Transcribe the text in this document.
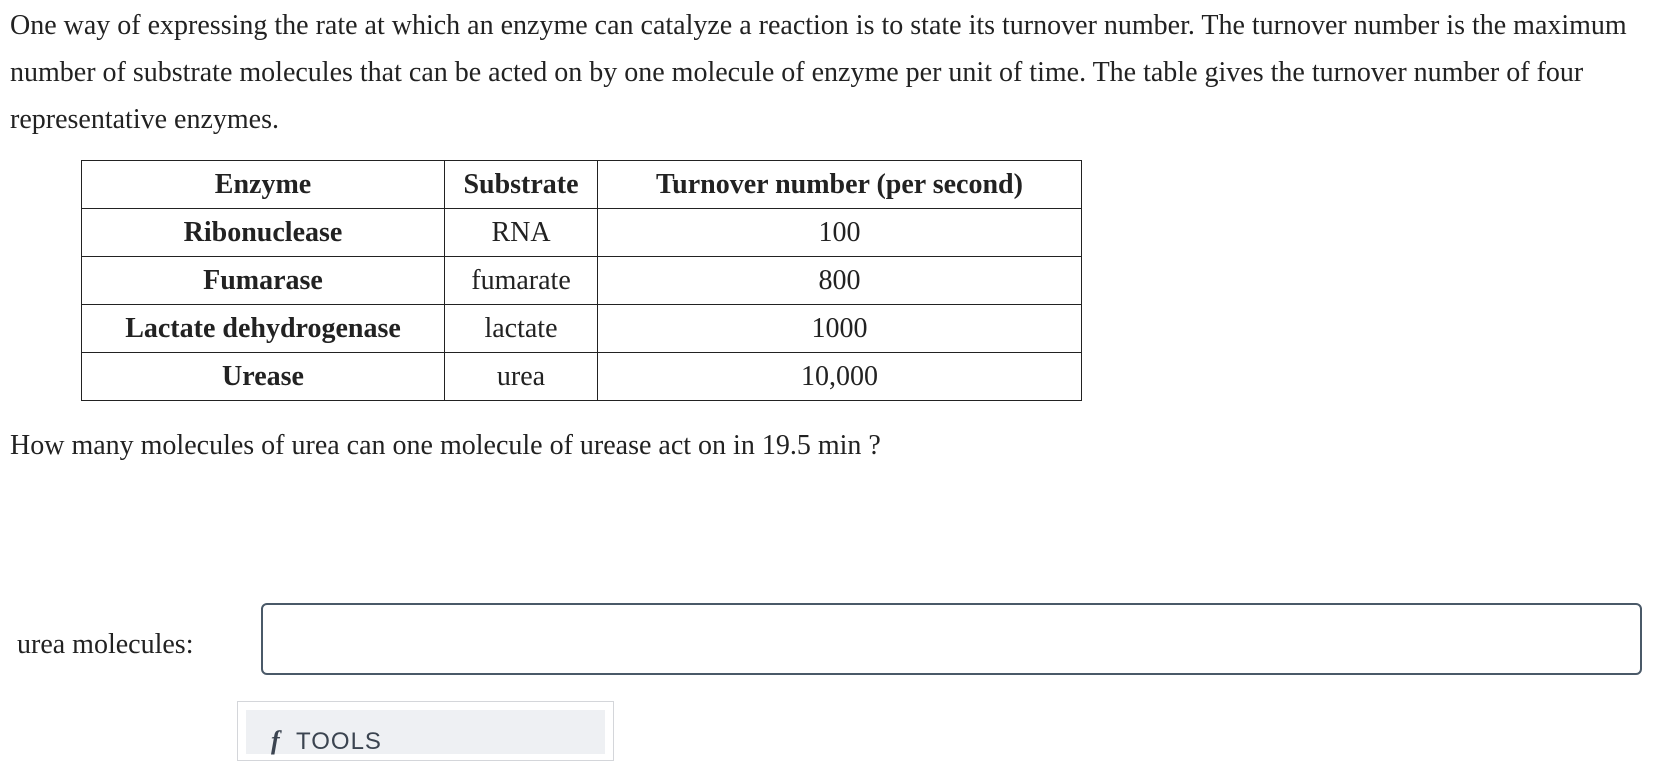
One way of expressing the rate at which an enzyme can catalyze a reaction is to state its turnover number. The turnover number is the maximum number of substrate molecules that can be acted on by one molecule of enzyme per unit of time. The table gives the turnover number of four representative enzymes.

Enzyme	Substrate	Turnover number (per second)
Ribonuclease	RNA	100
Fumarase	fumarate	800
Lactate dehydrogenase	lactate	1000
Urease	urea	10,000

How many molecules of urea can one molecule of urease act on in 19.5 min ?

urea molecules:
f TOOLS
